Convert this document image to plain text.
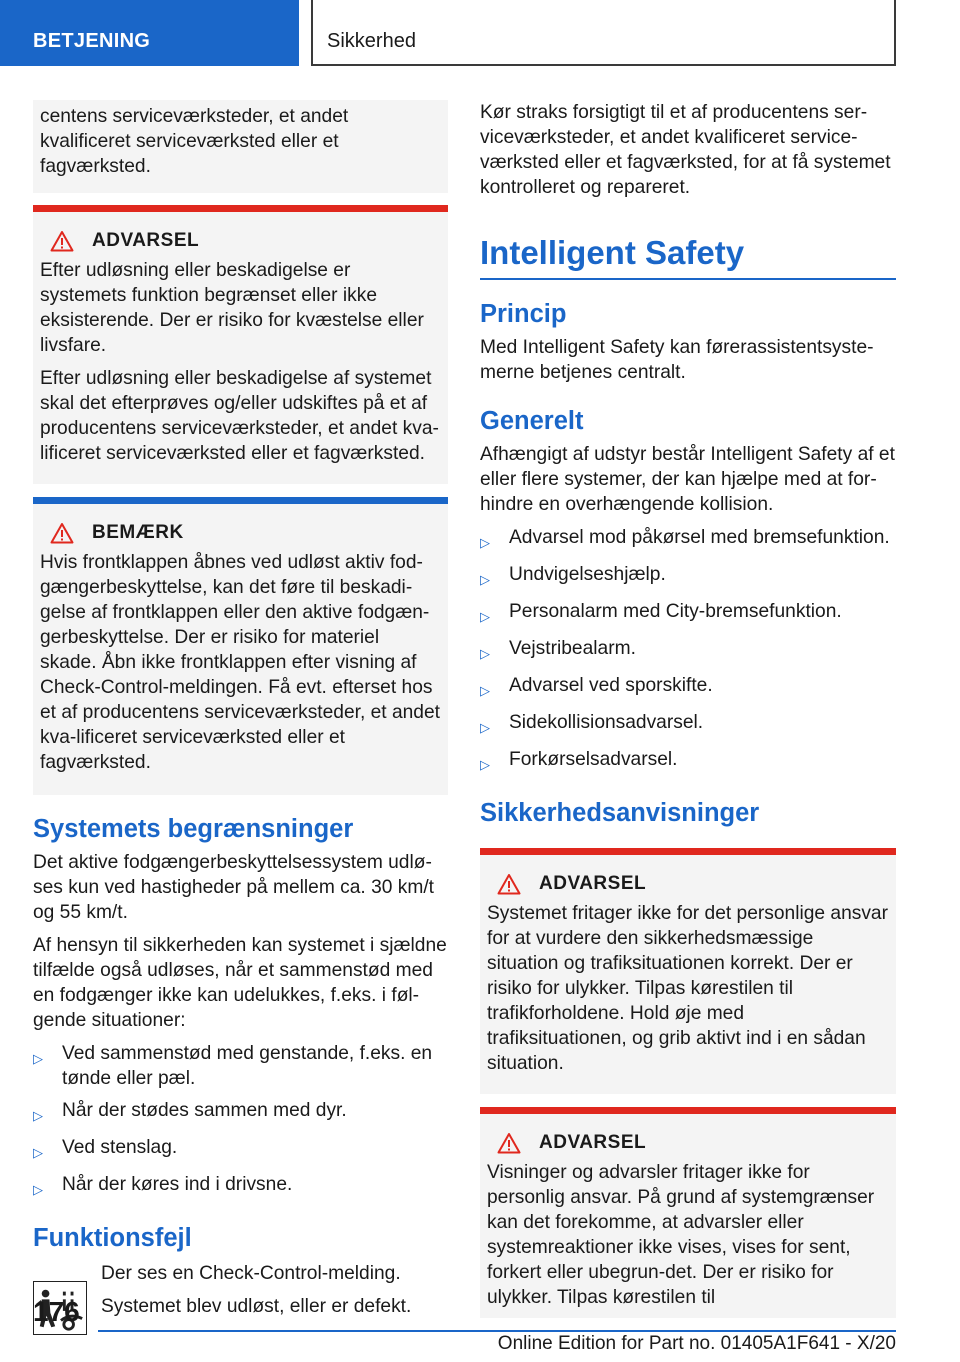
BETJENING	Sikkerhed

centens serviceværksteder, et andet kvalificeret serviceværksted eller et fagværksted.

ADVARSEL

Efter udløsning eller beskadigelse er systemets funktion begrænset eller ikke eksisterende. Der er risiko for kvæstelse eller livsfare.

Efter udløsning eller beskadigelse af systemet skal det efterprøves og/eller udskiftes på et af producentens serviceværksteder, et andet kva-lificeret serviceværksted eller et fagværksted.

BEMÆRK

Hvis frontklappen åbnes ved udløst aktiv fod-gængerbeskyttelse, kan det føre til beskadi-gelse af frontklappen eller den aktive fodgæn-gerbeskyttelse. Der er risiko for materiel skade. Åbn ikke frontklappen efter visning af Check-Control-meldingen. Få evt. efterset hos et af producentens serviceværksteder, et andet kva-lificeret serviceværksted eller et fagværksted.

Systemets begrænsninger

Det aktive fodgængerbeskyttelsessystem udlø-ses kun ved hastigheder på mellem ca. 30 km/t og 55 km/t.

Af hensyn til sikkerheden kan systemet i sjældne tilfælde også udløses, når et sammenstød med en fodgænger ikke kan udelukkes, f.eks. i føl-gende situationer:

▷ Ved sammenstød med genstande, f.eks. en tønde eller pæl.
▷ Når der stødes sammen med dyr.
▷ Ved stenslag.
▷ Når der køres ind i drivsne.
Funktionsfejl

Der ses en Check-Control-melding.

Systemet blev udløst, eller er defekt.

Kør straks forsigtigt til et af producentens ser-viceværksteder, et andet kvalificeret service-værksted eller et fagværksted, for at få systemet kontrolleret og repareret.

Intelligent Safety
Princip

Med Intelligent Safety kan førerassistentsyste-merne betjenes centralt.

Generelt

Afhængigt af udstyr består Intelligent Safety af et eller flere systemer, der kan hjælpe med at for-hindre en overhængende kollision.

▷ Advarsel mod påkørsel med bremsefunktion.
▷ Undvigelseshjælp.
▷ Personalarm med City-bremsefunktion.
▷ Vejstribealarm.
▷ Advarsel ved sporskifte.
▷ Sidekollisionsadvarsel.
▷ Forkørselsadvarsel.
Sikkerhedsanvisninger
ADVARSEL

Systemet fritager ikke for det personlige ansvar for at vurdere den sikkerhedsmæssige situation og trafiksituationen korrekt. Der er risiko for ulykker. Tilpas kørestilen til trafikforholdene. Hold øje med trafiksituationen, og grib aktivt ind i en sådan situation.

ADVARSEL

Visninger og advarsler fritager ikke for personlig ansvar. På grund af systemgrænser kan det forekomme, at advarsler eller systemreaktioner ikke vises, vises for sent, forkert eller ubegrun-det. Der er risiko for ulykker. Tilpas kørestilen til

176
Online Edition for Part no. 01405A1F641 - X/20
